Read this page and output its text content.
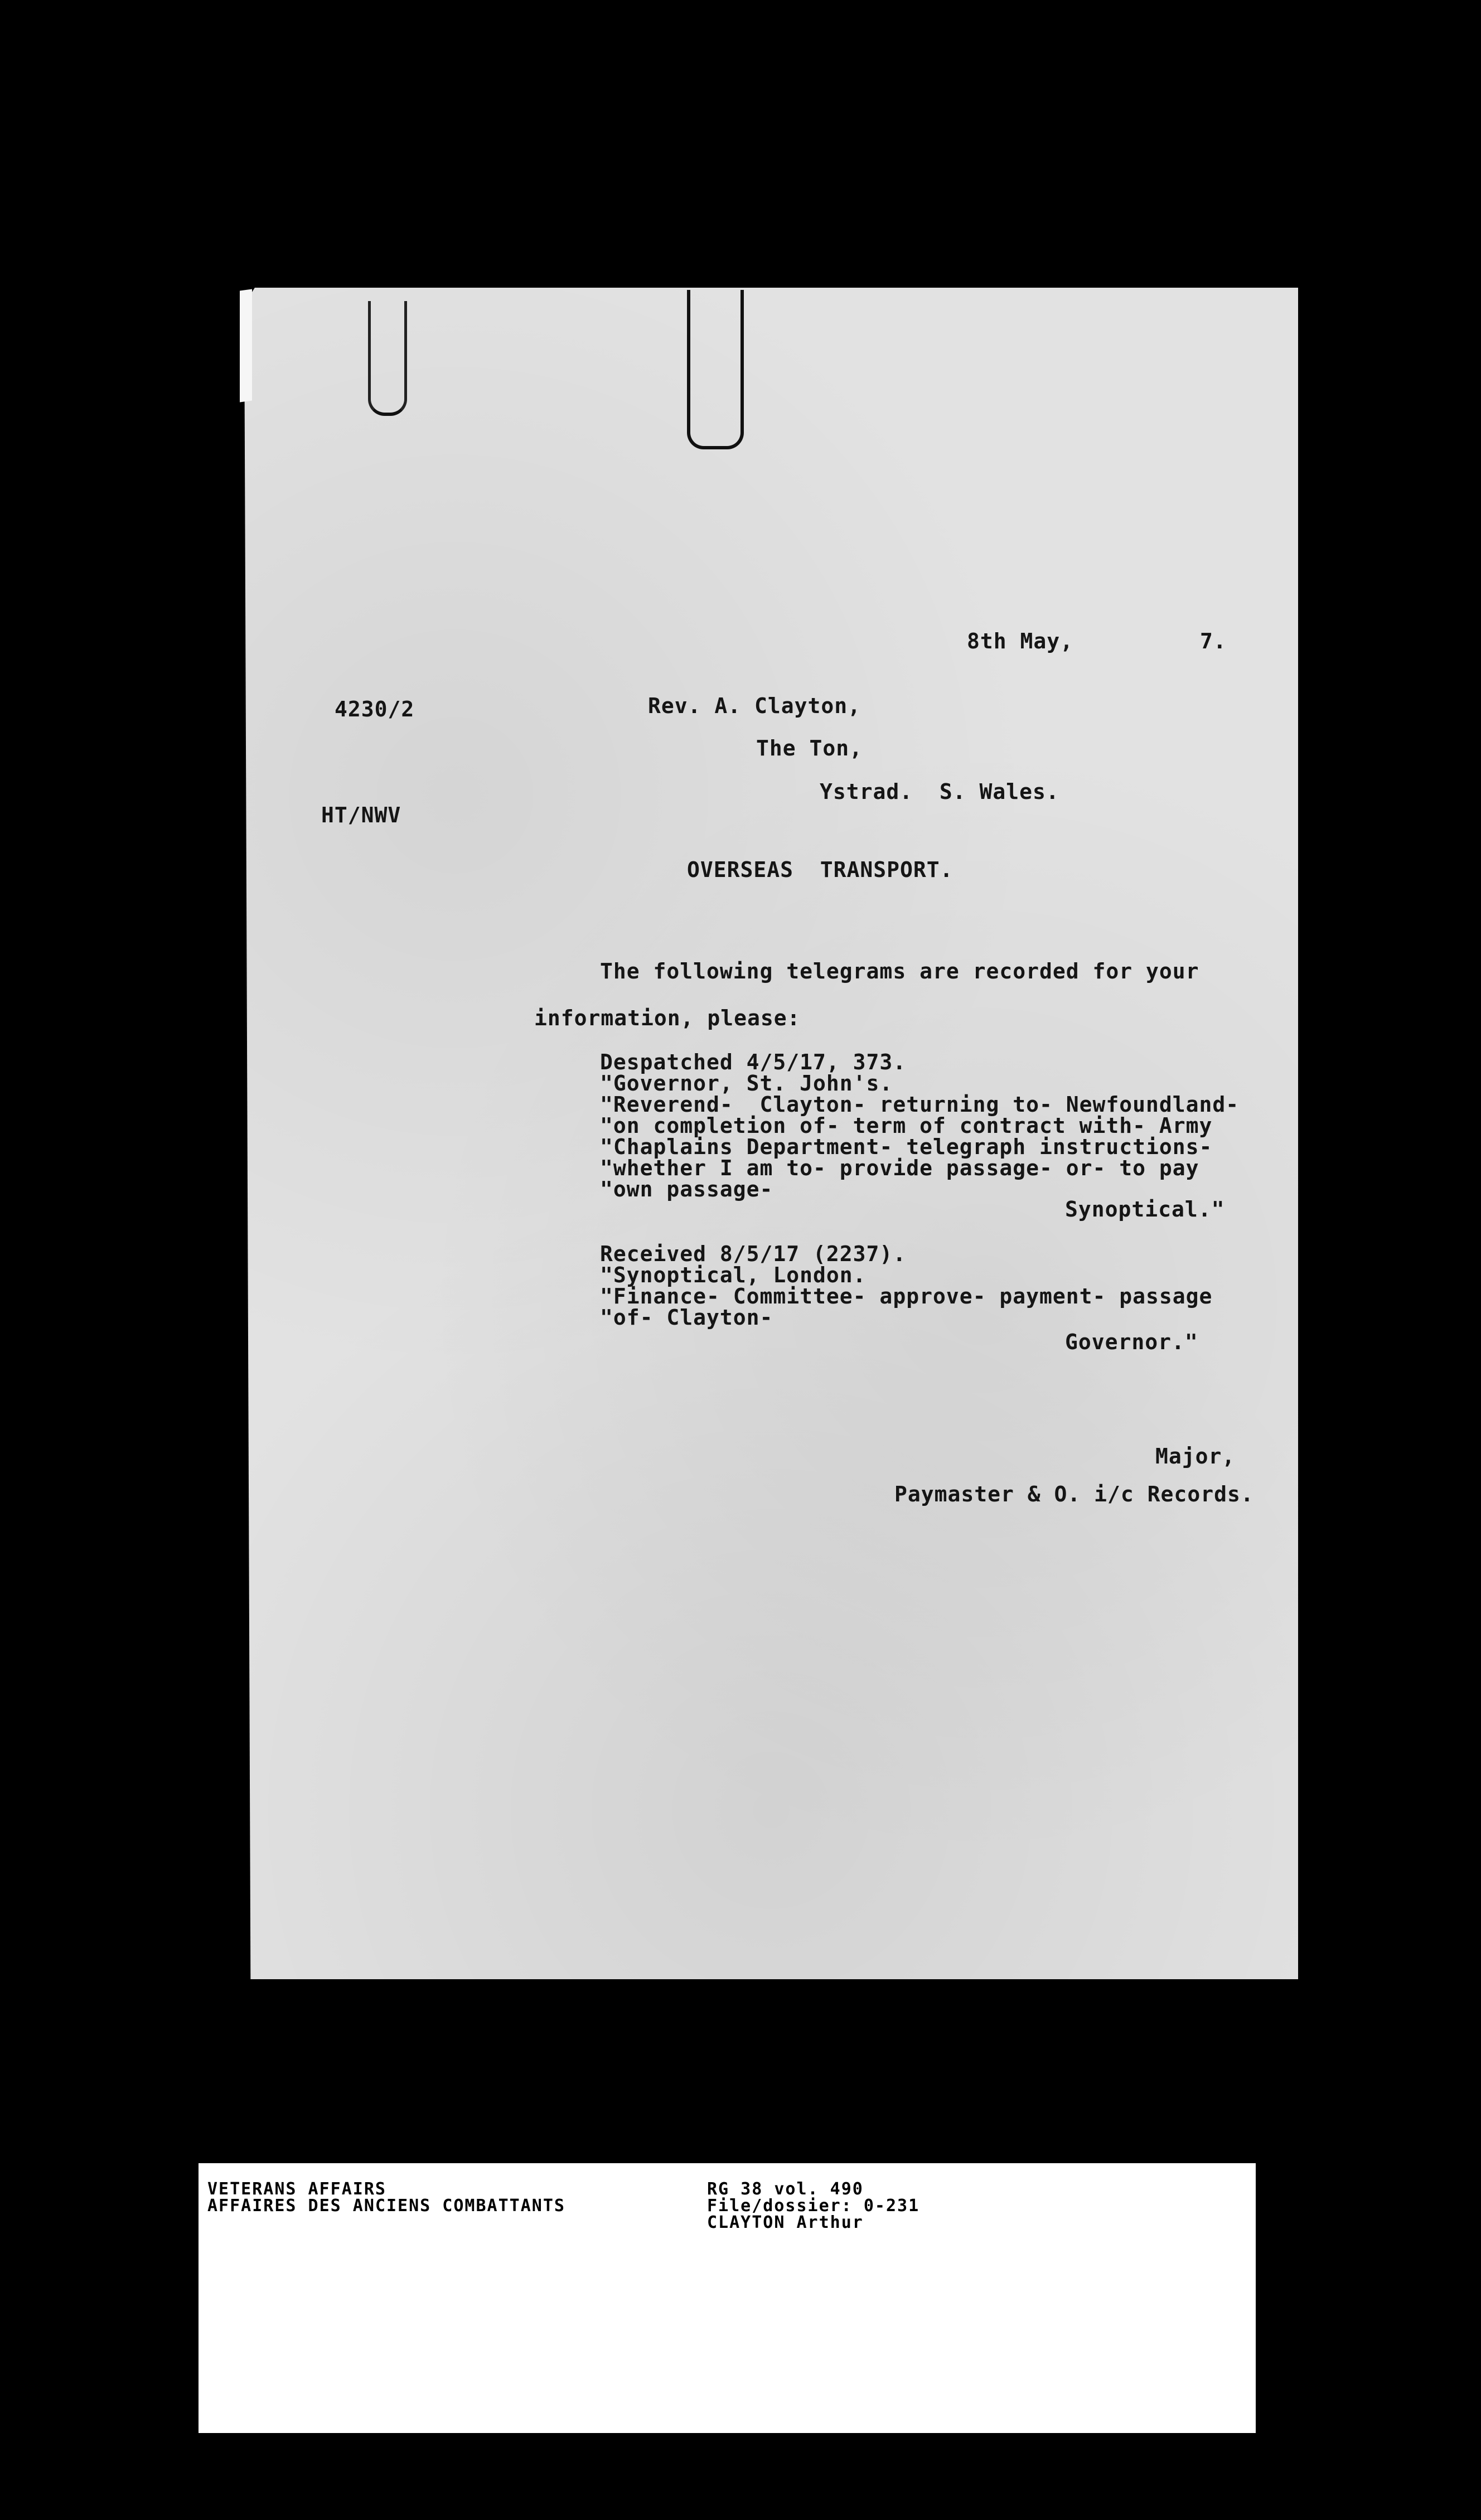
8th May,	7.
4230/2	Rev. A. Clayton,
The Ton,
Ystrad.  S. Wales.
HT/NWV
OVERSEAS  TRANSPORT.
The following telegrams are recorded for your
information, please:
Despatched 4/5/17, 373.
"Governor, St. John's.
"Reverend-  Clayton- returning to- Newfoundland-
"on completion of- term of contract with- Army
"Chaplains Department- telegraph instructions-
"whether I am to- provide passage- or- to pay
"own passage-
Synoptical."
Received 8/5/17 (2237).
"Synoptical, London.
"Finance- Committee- approve- payment- passage
"of- Clayton-
Governor."
Major,
Paymaster & O. i/c Records.
VETERANS AFFAIRS
AFFAIRES DES ANCIENS COMBATTANTS
RG 38 vol. 490
File/dossier: 0-231
CLAYTON Arthur
